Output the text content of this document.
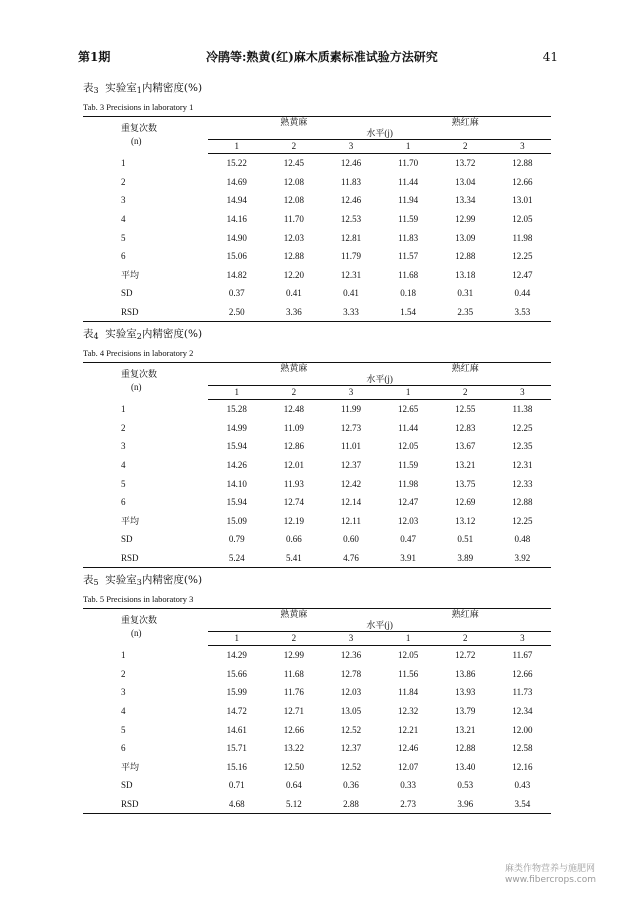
第1期	冷鹃等:熟黄(红)麻木质素标准试验方法研究	41
表$_3$ 实验室$_1$内精密度(%)
Tab. 3 Precisions in laboratory 1
重复次数
(n)	熟黄麻			熟红麻		
	水平(j)					
	1	2	3	1	2	3
1	15.22	12.45	12.46	11.70	13.72	12.88
2	14.69	12.08	11.83	11.44	13.04	12.66
3	14.94	12.08	12.46	11.94	13.34	13.01
4	14.16	11.70	12.53	11.59	12.99	12.05
5	14.90	12.03	12.81	11.83	13.09	11.98
6	15.06	12.88	11.79	11.57	12.88	12.25
平均	14.82	12.20	12.31	11.68	13.18	12.47
SD	0.37	0.41	0.41	0.18	0.31	0.44
RSD	2.50	3.36	3.33	1.54	2.35	3.53
表$_4$ 实验室$_2$内精密度(%)
Tab. 4 Precisions in laboratory 2
重复次数
(n)	熟黄麻			熟红麻		
	水平(j)					
	1	2	3	1	2	3
1	15.28	12.48	11.99	12.65	12.55	11.38
2	14.99	11.09	12.73	11.44	12.83	12.25
3	15.94	12.86	11.01	12.05	13.67	12.35
4	14.26	12.01	12.37	11.59	13.21	12.31
5	14.10	11.93	12.42	11.98	13.75	12.33
6	15.94	12.74	12.14	12.47	12.69	12.88
平均	15.09	12.19	12.11	12.03	13.12	12.25
SD	0.79	0.66	0.60	0.47	0.51	0.48
RSD	5.24	5.41	4.76	3.91	3.89	3.92
表$_5$ 实验室$_3$内精密度(%)
Tab. 5 Precisions in laboratory 3
重复次数
(n)	熟黄麻			熟红麻		
	水平(j)					
	1	2	3	1	2	3
1	14.29	12.99	12.36	12.05	12.72	11.67
2	15.66	11.68	12.78	11.56	13.86	12.66
3	15.99	11.76	12.03	11.84	13.93	11.73
4	14.72	12.71	13.05	12.32	13.79	12.34
5	14.61	12.66	12.52	12.21	13.21	12.00
6	15.71	13.22	12.37	12.46	12.88	12.58
平均	15.16	12.50	12.52	12.07	13.40	12.16
SD	0.71	0.64	0.36	0.33	0.53	0.43
RSD	4.68	5.12	2.88	2.73	3.96	3.54
麻类作物营养与施肥网
www.fibercrops.com
